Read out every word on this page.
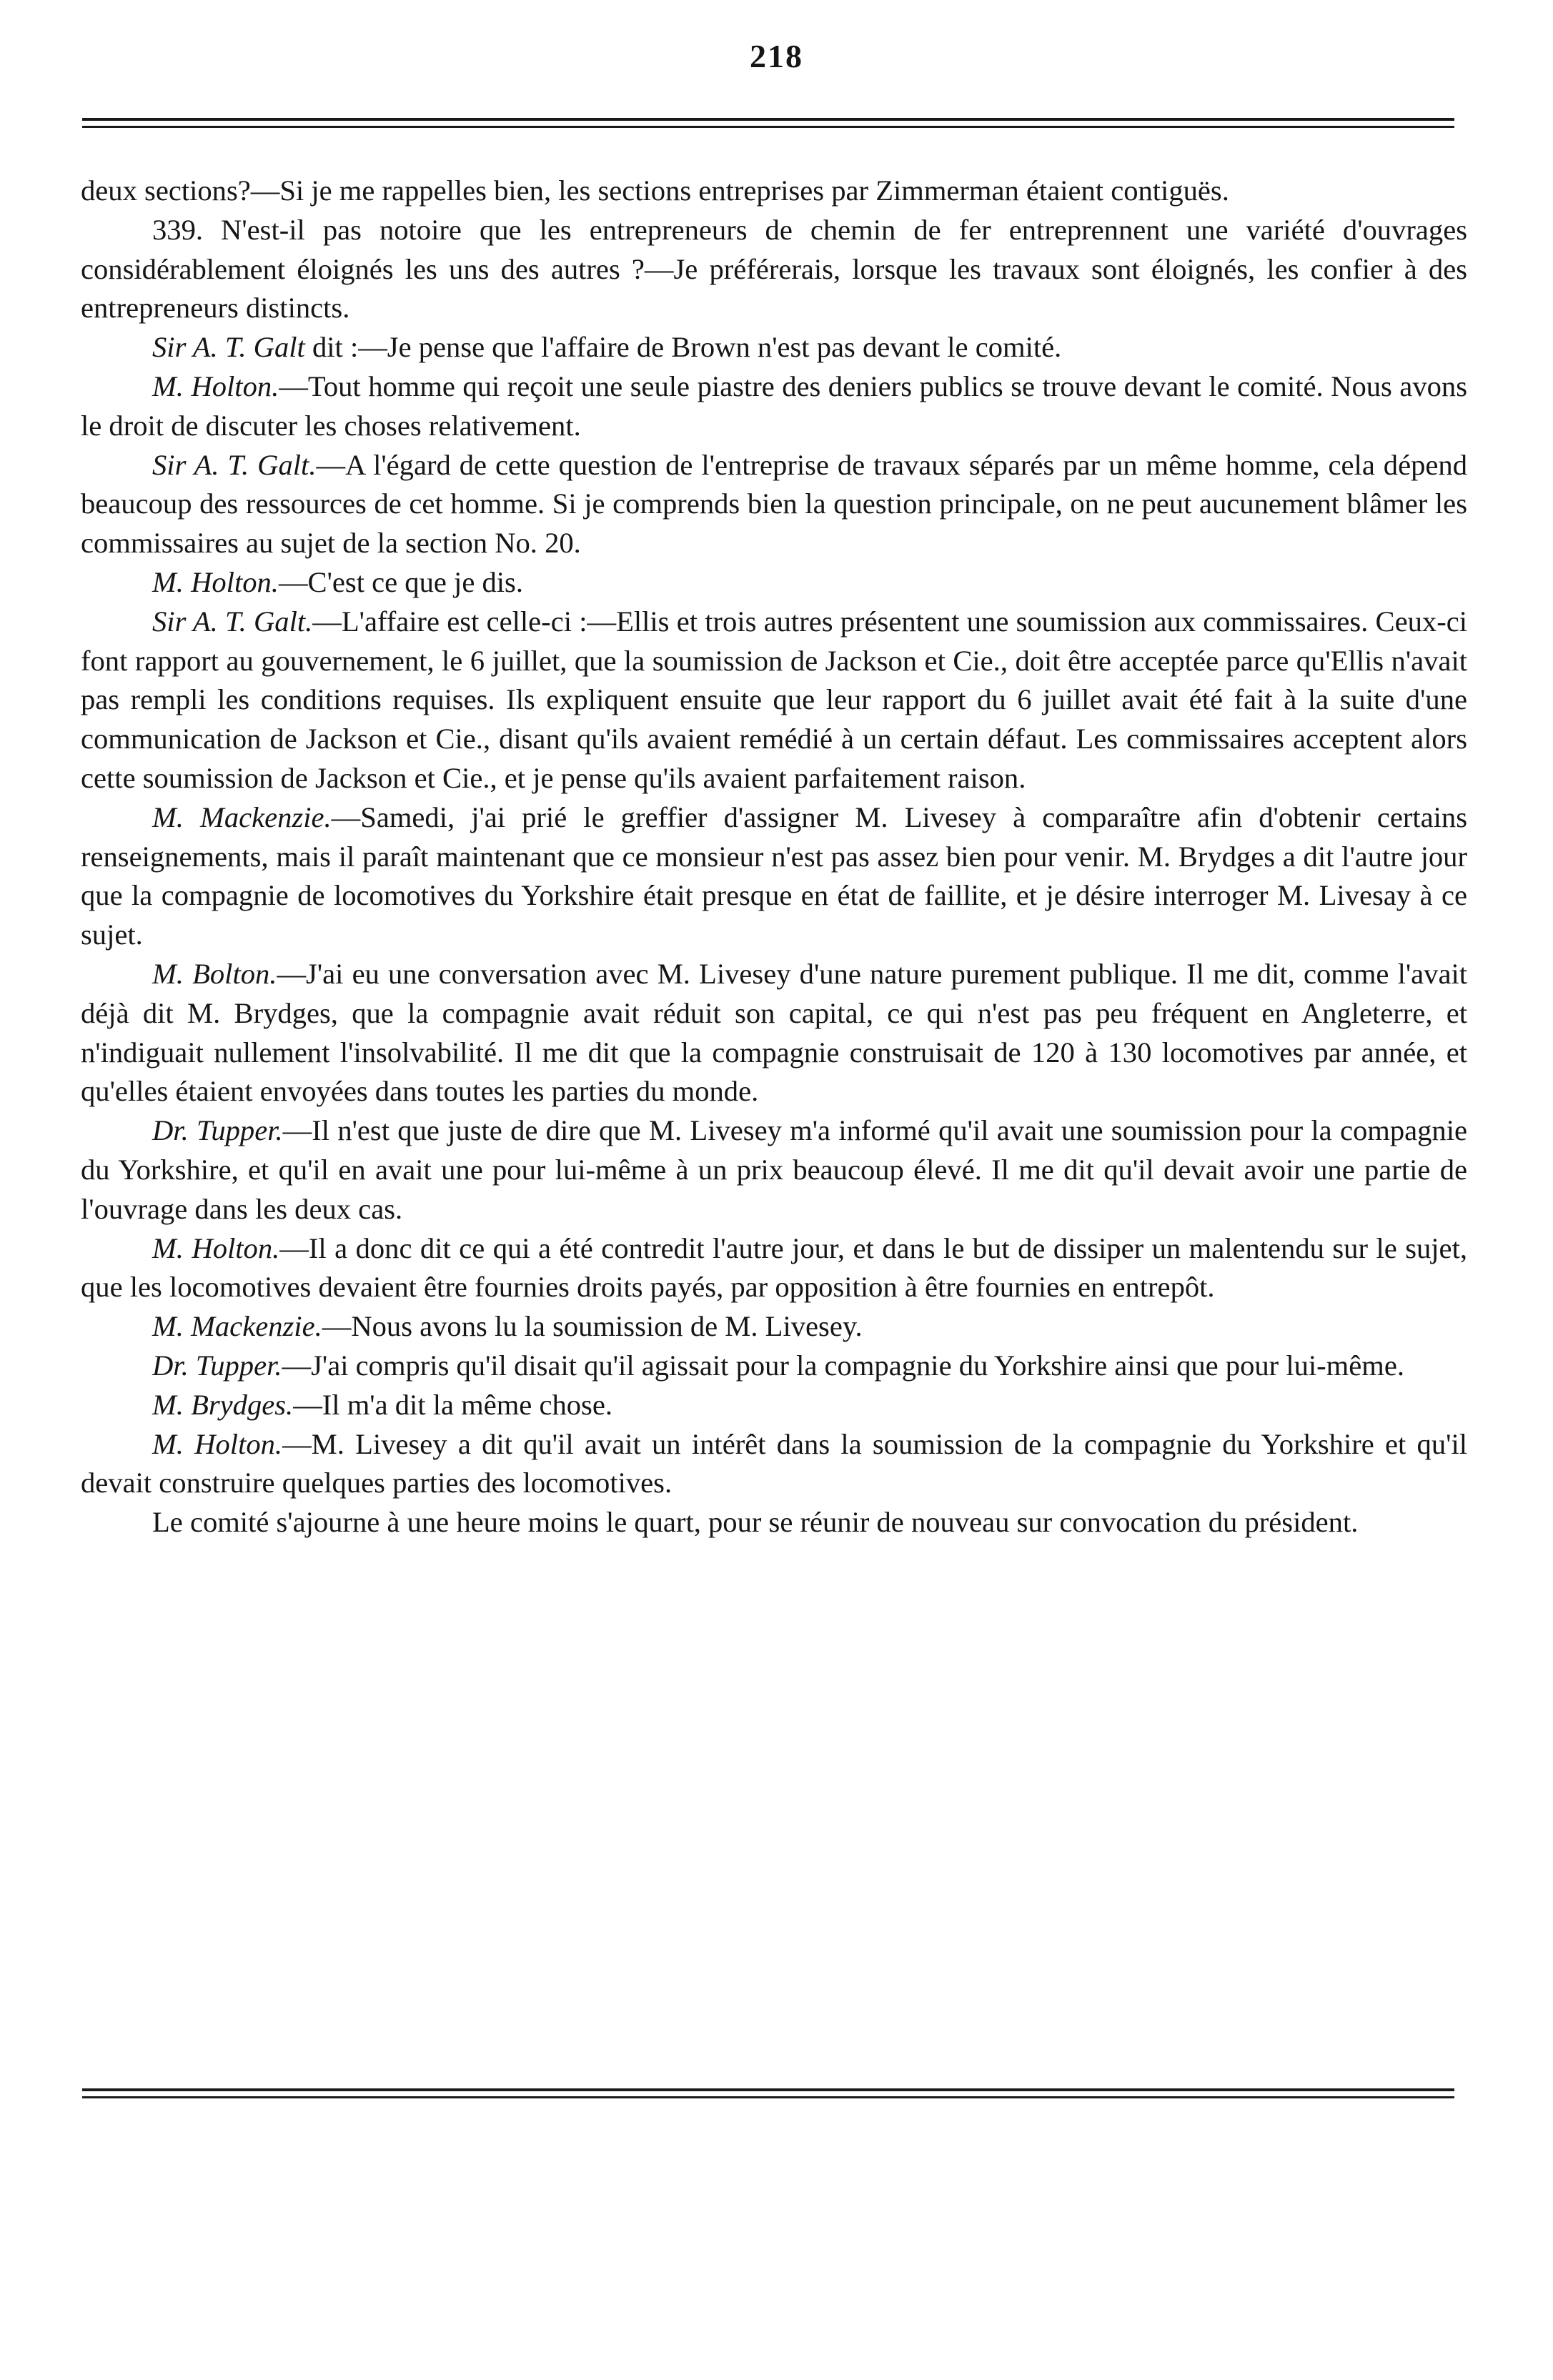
218

deux sections?—Si je me rappelles bien, les sections entreprises par Zimmerman étaient contiguës.

339. N'est-il pas notoire que les entrepreneurs de chemin de fer entreprennent une variété d'ouvrages considérablement éloignés les uns des autres ?—Je préférerais, lorsque les travaux sont éloignés, les confier à des entrepreneurs distincts.

Sir A. T. Galt dit :—Je pense que l'affaire de Brown n'est pas devant le comité.

M. Holton.—Tout homme qui reçoit une seule piastre des deniers publics se trouve devant le comité. Nous avons le droit de discuter les choses relativement.

Sir A. T. Galt.—A l'égard de cette question de l'entreprise de travaux séparés par un même homme, cela dépend beaucoup des ressources de cet homme. Si je comprends bien la question principale, on ne peut aucunement blâmer les commissaires au sujet de la section No. 20.

M. Holton.—C'est ce que je dis.

Sir A. T. Galt.—L'affaire est celle-ci :—Ellis et trois autres présentent une soumission aux commissaires. Ceux-ci font rapport au gouvernement, le 6 juillet, que la soumission de Jackson et Cie., doit être acceptée parce qu'Ellis n'avait pas rempli les conditions requises. Ils expliquent ensuite que leur rapport du 6 juillet avait été fait à la suite d'une communication de Jackson et Cie., disant qu'ils avaient remédié à un certain défaut. Les commissaires acceptent alors cette soumission de Jackson et Cie., et je pense qu'ils avaient parfaitement raison.

M. Mackenzie.—Samedi, j'ai prié le greffier d'assigner M. Livesey à comparaître afin d'obtenir certains renseignements, mais il paraît maintenant que ce monsieur n'est pas assez bien pour venir. M. Brydges a dit l'autre jour que la compagnie de locomotives du Yorkshire était presque en état de faillite, et je désire interroger M. Livesay à ce sujet.

M. Bolton.—J'ai eu une conversation avec M. Livesey d'une nature purement publique. Il me dit, comme l'avait déjà dit M. Brydges, que la compagnie avait réduit son capital, ce qui n'est pas peu fréquent en Angleterre, et n'indiguait nullement l'insolvabilité. Il me dit que la compagnie construisait de 120 à 130 locomotives par année, et qu'elles étaient envoyées dans toutes les parties du monde.

Dr. Tupper.—Il n'est que juste de dire que M. Livesey m'a informé qu'il avait une soumission pour la compagnie du Yorkshire, et qu'il en avait une pour lui-même à un prix beaucoup élevé. Il me dit qu'il devait avoir une partie de l'ouvrage dans les deux cas.

M. Holton.—Il a donc dit ce qui a été contredit l'autre jour, et dans le but de dissiper un malentendu sur le sujet, que les locomotives devaient être fournies droits payés, par opposition à être fournies en entrepôt.

M. Mackenzie.—Nous avons lu la soumission de M. Livesey.

Dr. Tupper.—J'ai compris qu'il disait qu'il agissait pour la compagnie du Yorkshire ainsi que pour lui-même.

M. Brydges.—Il m'a dit la même chose.

M. Holton.—M. Livesey a dit qu'il avait un intérêt dans la soumission de la compagnie du Yorkshire et qu'il devait construire quelques parties des locomotives.

Le comité s'ajourne à une heure moins le quart, pour se réunir de nouveau sur convocation du président.
